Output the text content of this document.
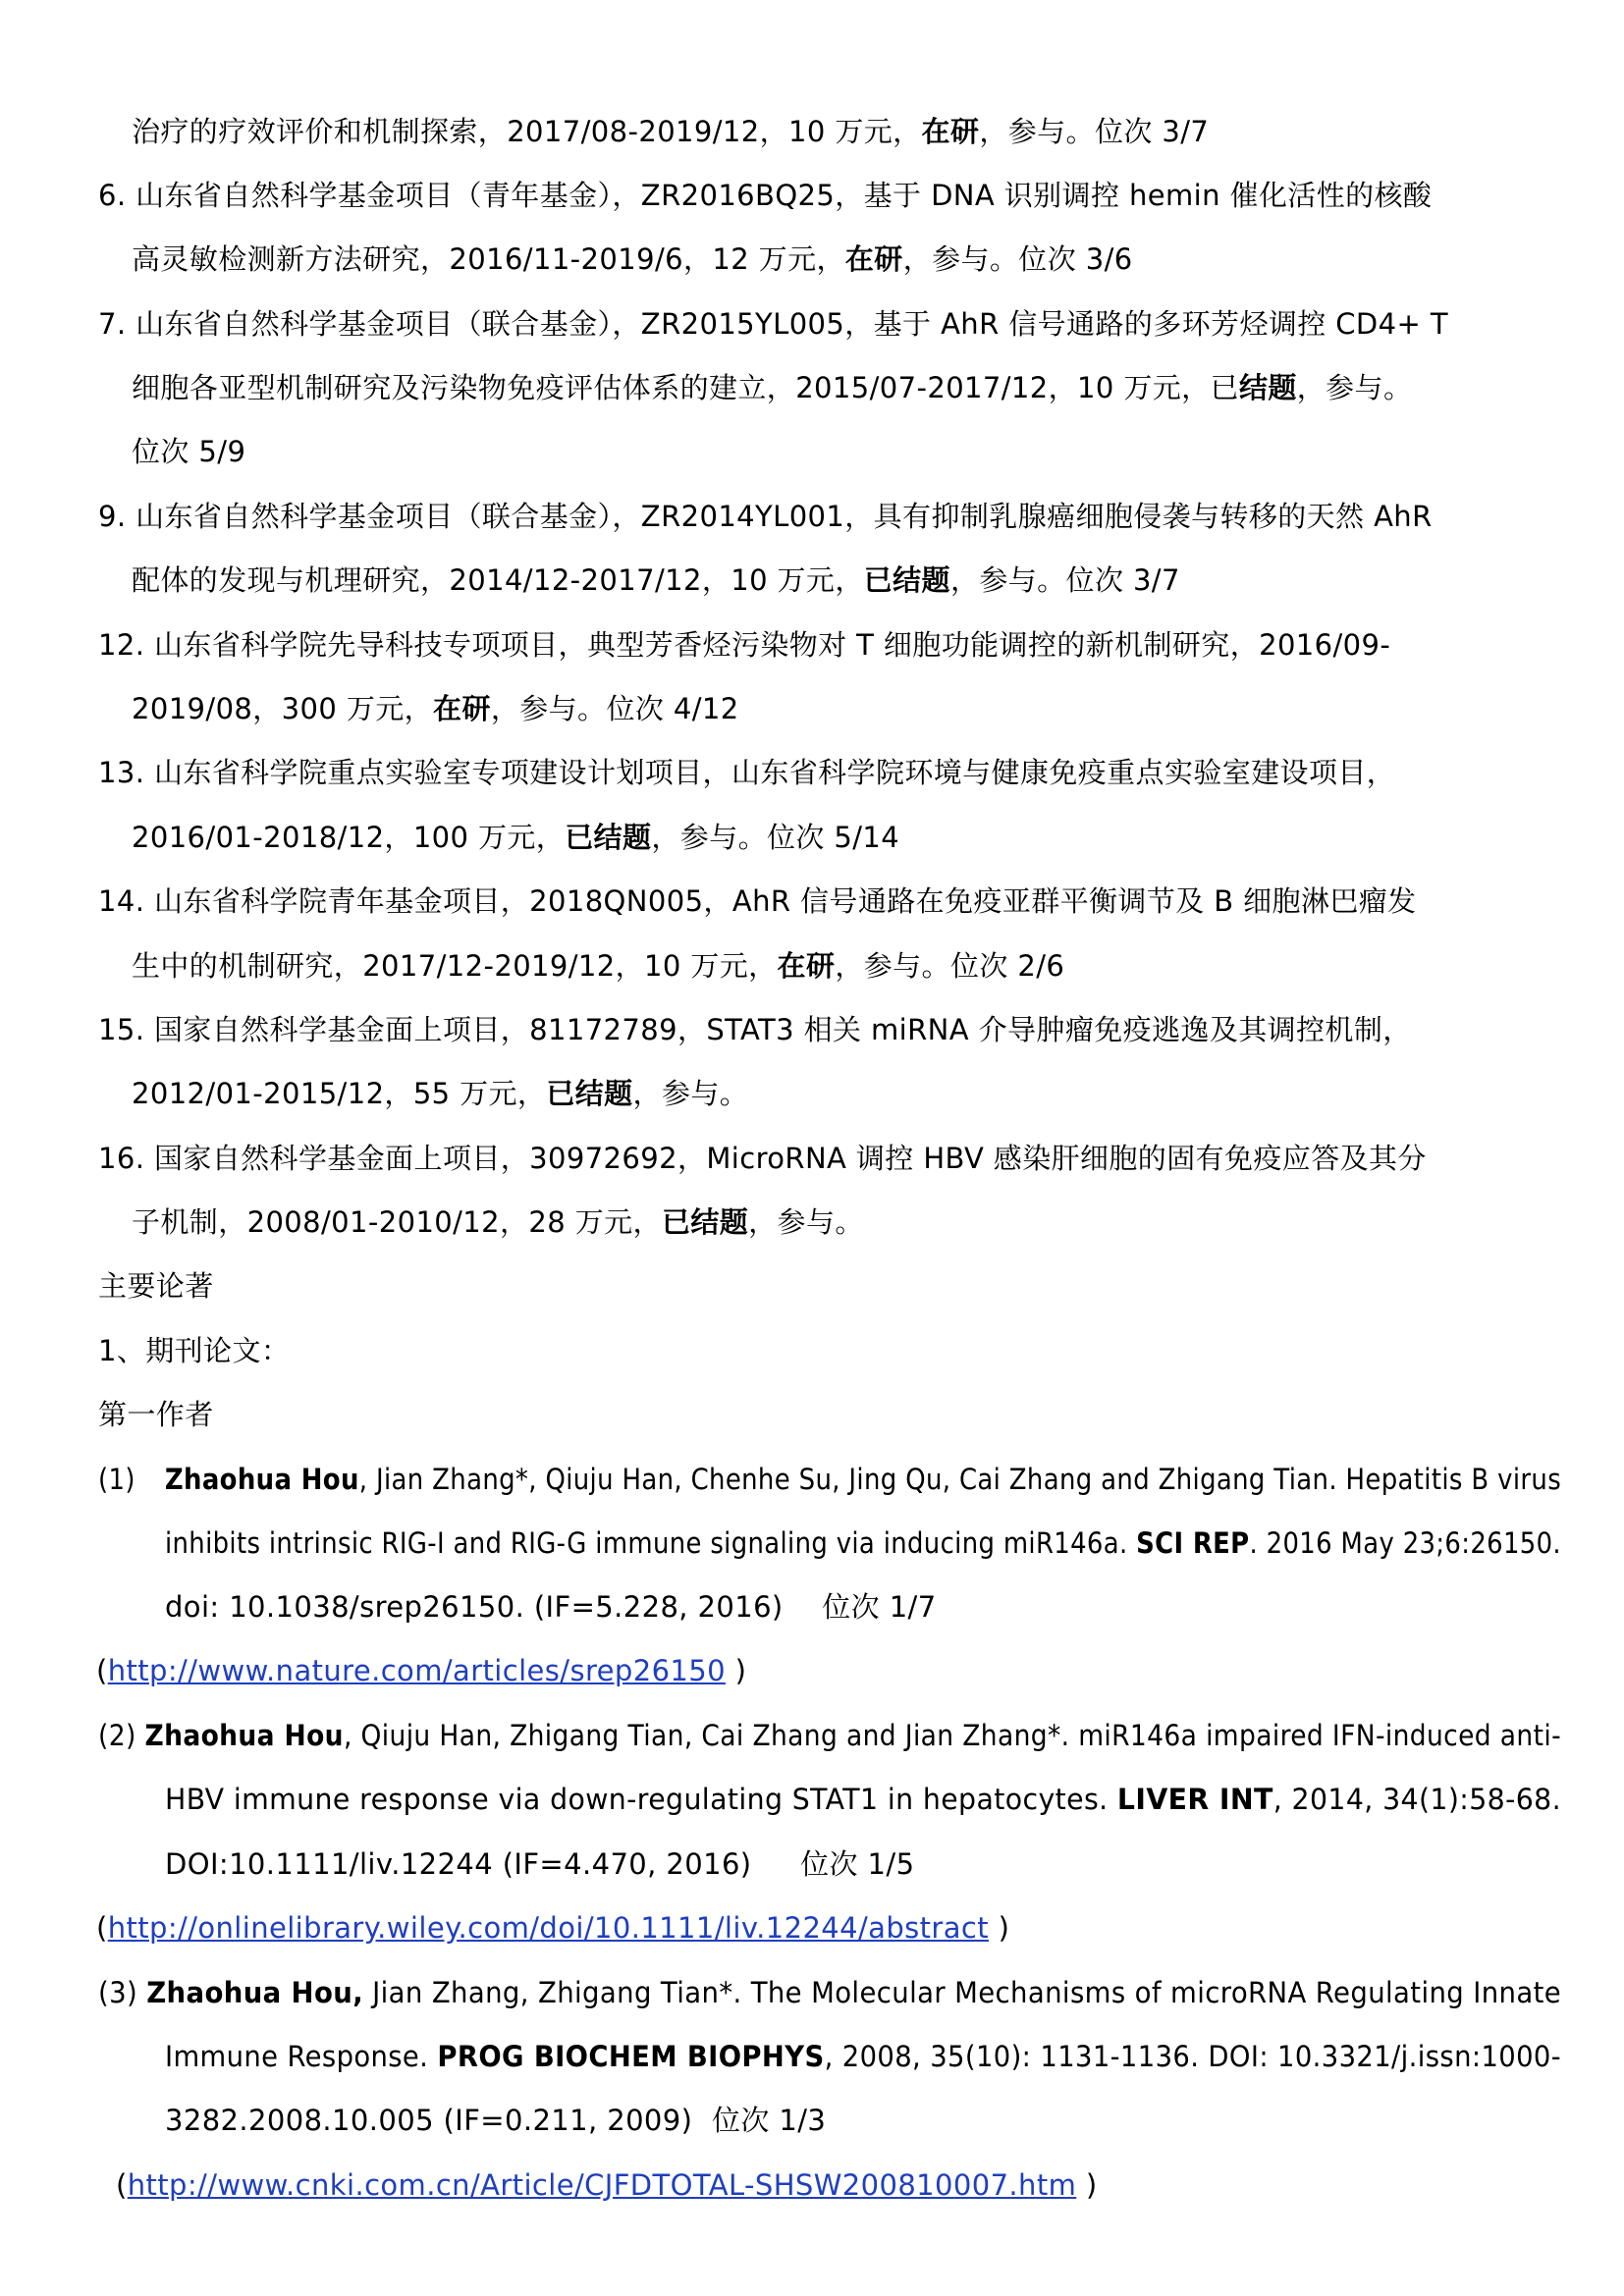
治疗的疗效评价和机制探索，2017/08-2019/12，10 万元，在研，参与。位次 3/7
6. 山东省自然科学基金项目（青年基金），ZR2016BQ25，基于 DNA 识别调控 hemin 催化活性的核酸
高灵敏检测新方法研究，2016/11-2019/6，12 万元，在研，参与。位次 3/6
7. 山东省自然科学基金项目（联合基金），ZR2015YL005，基于 AhR 信号通路的多环芳烃调控 CD4+ T
细胞各亚型机制研究及污染物免疫评估体系的建立，2015/07-2017/12，10 万元，已结题，参与。
位次 5/9
9. 山东省自然科学基金项目（联合基金），ZR2014YL001，具有抑制乳腺癌细胞侵袭与转移的天然 AhR
配体的发现与机理研究，2014/12-2017/12，10 万元，已结题，参与。位次 3/7
12. 山东省科学院先导科技专项项目，典型芳香烃污染物对 T 细胞功能调控的新机制研究，2016/09-
2019/08，300 万元，在研，参与。位次 4/12
13. 山东省科学院重点实验室专项建设计划项目，山东省科学院环境与健康免疫重点实验室建设项目，
2016/01-2018/12，100 万元，已结题，参与。位次 5/14
14. 山东省科学院青年基金项目，2018QN005，AhR 信号通路在免疫亚群平衡调节及 B 细胞淋巴瘤发
生中的机制研究，2017/12-2019/12，10 万元，在研，参与。位次 2/6
15. 国家自然科学基金面上项目，81172789，STAT3 相关 miRNA 介导肿瘤免疫逃逸及其调控机制，
2012/01-2015/12，55 万元，已结题，参与。
16. 国家自然科学基金面上项目，30972692，MicroRNA 调控 HBV 感染肝细胞的固有免疫应答及其分
子机制，2008/01-2010/12，28 万元，已结题，参与。
主要论著
1、期刊论文：
第一作者
(1) Zhaohua Hou, Jian Zhang*, Qiuju Han, Chenhe Su, Jing Qu, Cai Zhang and Zhigang Tian. Hepatitis B virus
inhibits intrinsic RIG-I and RIG-G immune signaling via inducing miR146a. SCI REP. 2016 May 23;6:26150.
doi: 10.1038/srep26150. (IF=5.228, 2016) 位次 1/7
(http://www.nature.com/articles/srep26150 )
(2) Zhaohua Hou, Qiuju Han, Zhigang Tian, Cai Zhang and Jian Zhang*. miR146a impaired IFN-induced anti-
HBV immune response via down-regulating STAT1 in hepatocytes. LIVER INT, 2014, 34(1):58-68.
DOI:10.1111/liv.12244 (IF=4.470, 2016) 位次 1/5
(http://onlinelibrary.wiley.com/doi/10.1111/liv.12244/abstract )
(3) Zhaohua Hou, Jian Zhang, Zhigang Tian*. The Molecular Mechanisms of microRNA Regulating Innate
Immune Response. PROG BIOCHEM BIOPHYS, 2008, 35(10): 1131-1136. DOI: 10.3321/j.issn:1000-
3282.2008.10.005 (IF=0.211, 2009) 位次 1/3
(http://www.cnki.com.cn/Article/CJFDTOTAL-SHSW200810007.htm )
